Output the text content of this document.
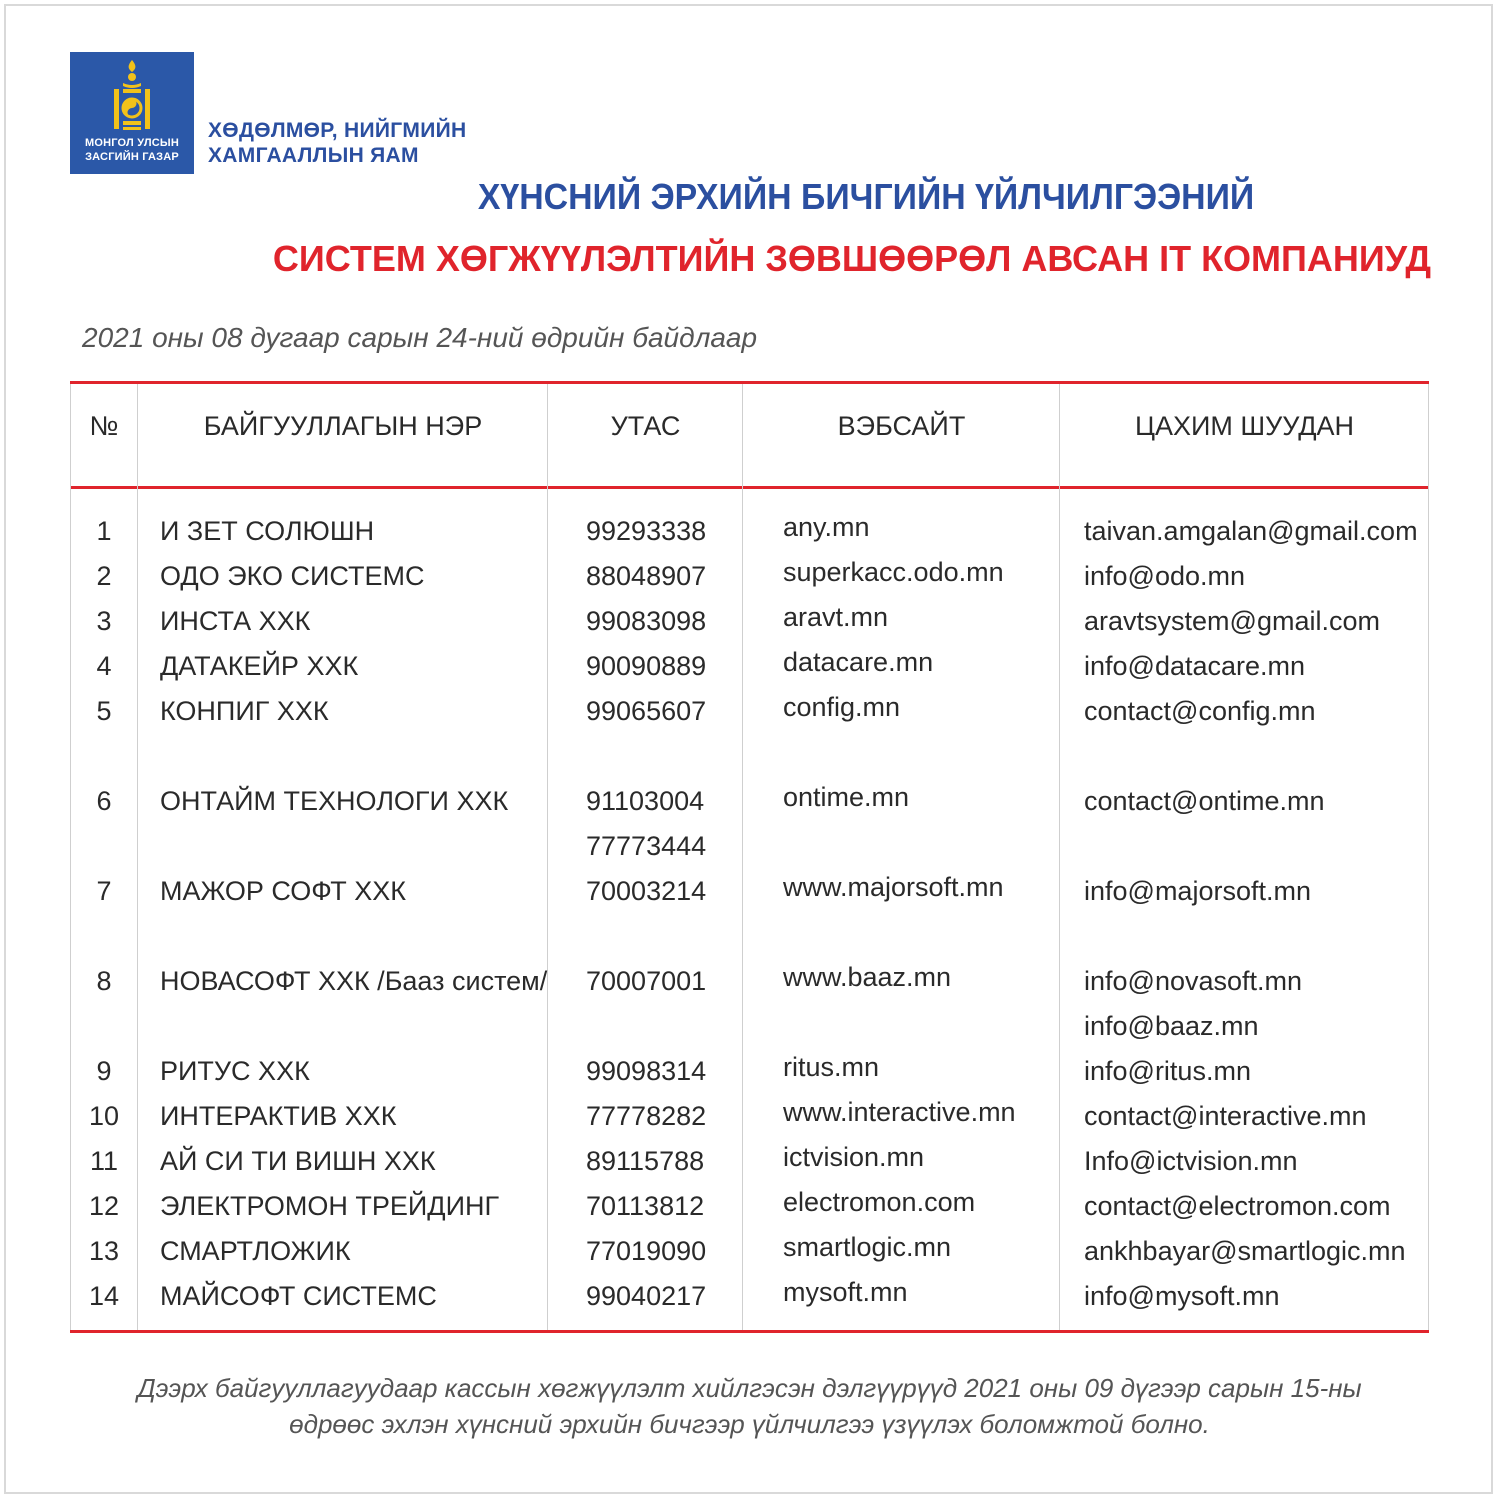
МОНГОЛ УЛСЫН
ЗАСГИЙН ГАЗАР
ХӨДӨЛМӨР, НИЙГМИЙН
ХАМГААЛЛЫН ЯАМ
ХҮНСНИЙ ЭРХИЙН БИЧГИЙН ҮЙЛЧИЛГЭЭНИЙ
СИСТЕМ ХӨГЖҮҮЛЭЛТИЙН ЗӨВШӨӨРӨЛ АВСАН IT КОМПАНИУД
2021 оны 08 дугаар сарын 24-ний өдрийн байдлаар
№	БАЙГУУЛЛАГЫН НЭР	УТАС	ВЭБСАЙТ	ЦАХИМ ШУУДАН
1	И ЗЕТ СОЛЮШН	99293338	any.mn	taivan.amgalan@gmail.com
2	ОДО ЭКО СИСТЕМС	88048907	superkacc.odo.mn	info@odo.mn
3	ИНСТА ХХК	99083098	aravt.mn	aravtsystem@gmail.com
4	ДАТАКЕЙР ХХК	90090889	datacare.mn	info@datacare.mn
5	КОНПИГ ХХК	99065607	config.mn	contact@config.mn
6	ОНТАЙМ ТЕХНОЛОГИ ХХК	91103004	ontime.mn	contact@ontime.mn
77773444
7	МАЖОР СОФТ ХХК	70003214	www.majorsoft.mn	info@majorsoft.mn
8	НОВАСОФТ ХХК /Бааз систем/ 70007001	www.baaz.mn	info@novasoft.mn
info@baaz.mn
9	РИТУС ХХК	99098314	ritus.mn	info@ritus.mn
10	ИНТЕРАКТИВ ХХК	77778282	www.interactive.mn	contact@interactive.mn
11	АЙ СИ ТИ ВИШН ХХК	89115788	ictvision.mn	Info@ictvision.mn
12	ЭЛЕКТРОМОН ТРЕЙДИНГ	70113812	electromon.com	contact@electromon.com
13	СМАРТЛОЖИК	77019090	smartlogic.mn	ankhbayar@smartlogic.mn
14	МАЙСОФТ СИСТЕМС	99040217	mysoft.mn	info@mysoft.mn
Дээрх байгууллагуудаар кассын хөгжүүлэлт хийлгэсэн дэлгүүрүүд 2021 оны 09 дүгээр сарын 15-ны
өдрөөс эхлэн хүнсний эрхийн бичгээр үйлчилгээ үзүүлэх боломжтой болно.
